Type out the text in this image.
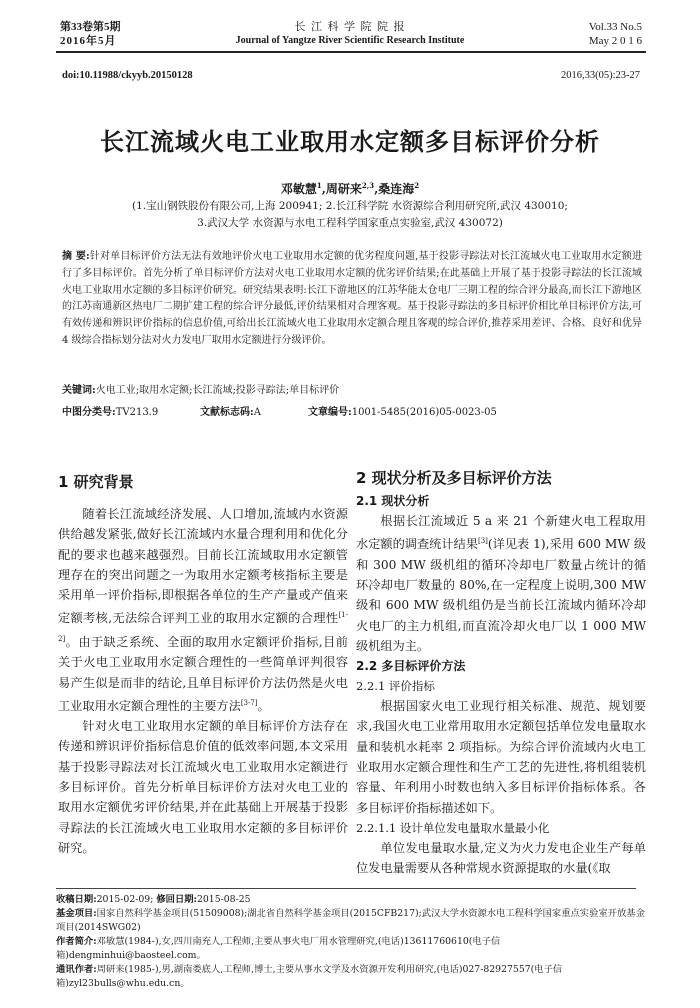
第33卷第5期
2016年5月
长 江 科 学 院 院 报
Journal of Yangtze River Scientific Research Institute
Vol.33 No.5
May 2 0 1 6
doi:10.11988/ckyyb.20150128	2016,33(05):23-27
长江流域火电工业取用水定额多目标评价分析
邓敏慧$^1$,周研来$^{2,3}$,桑连海$^2$
(1.宝山钢铁股份有限公司,上海 200941; 2.长江科学院 水资源综合利用研究所,武汉 430010;
3.武汉大学 水资源与水电工程科学国家重点实验室,武汉 430072)
摘 要:针对单目标评价方法无法有效地评价火电工业取用水定额的优劣程度问题,基于投影寻踪法对长江流域火电工业取用水定额进行了多目标评价。首先分析了单目标评价方法对火电工业取用水定额的优劣评价结果;在此基础上开展了基于投影寻踪法的长江流域火电工业取用水定额的多目标评价研究。研究结果表明:长江下游地区的江苏华能太仓电厂三期工程的综合评分最高,而长江下游地区的江苏南通新区热电厂二期扩建工程的综合评分最低,评价结果相对合理客观。基于投影寻踪法的多目标评价相比单目标评价方法,可有效传递和辨识评价指标的信息价值,可给出长江流域火电工业取用水定额合理且客观的综合评价,推荐采用差评、合格、良好和优异 4 级综合指标划分法对火力发电厂取用水定额进行分级评价。
关键词:火电工业;取用水定额;长江流域;投影寻踪法;单目标评价
中图分类号:TV213.9	文献标志码:A	文章编号:1001-5485(2016)05-0023-05
1 研究背景

随着长江流域经济发展、人口增加,流域内水资源供给越发紧张,做好长江流域内水量合理利用和优化分配的要求也越来越强烈。目前长江流域取用水定额管理存在的突出问题之一为取用水定额考核指标主要是采用单一评价指标,即根据各单位的生产产量或产值来定额考核,无法综合评判工业的取用水定额的合理性[1-2]。由于缺乏系统、全面的取用水定额评价指标,目前关于火电工业取用水定额合理性的一些简单评判很容易产生似是而非的结论,且单目标评价方法仍然是火电工业取用水定额合理性的主要方法[3-7]。

针对火电工业取用水定额的单目标评价方法存在传递和辨识评价指标信息价值的低效率问题,本文采用基于投影寻踪法对长江流域火电工业取用水定额进行多目标评价。首先分析单目标评价方法对火电工业的取用水定额优劣评价结果,并在此基础上开展基于投影寻踪法的长江流域火电工业取用水定额的多目标评价研究。

2 现状分析及多目标评价方法
2.1 现状分析

根据长江流域近 5 a 来 21 个新建火电工程取用水定额的调查统计结果[3](详见表 1),采用 600 MW 级和 300 MW 级机组的循环冷却电厂数量占统计的循环冷却电厂数量的 80%,在一定程度上说明,300 MW 级和 600 MW 级机组仍是当前长江流域内循环冷却火电厂的主力机组,而直流冷却火电厂以 1 000 MW 级机组为主。

2.2 多目标评价方法
2.2.1 评价指标

根据国家火电工业现行相关标准、规范、规划要求,我国火电工业常用取用水定额包括单位发电量取水量和装机水耗率 2 项指标。为综合评价流域内火电工业取用水定额合理性和生产工艺的先进性,将机组装机容量、年利用小时数也纳入多目标评价指标体系。各多目标评价指标描述如下。

2.2.1.1 设计单位发电量取水量最小化

单位发电量取水量,定义为火力发电企业生产每单位发电量需要从各种常规水资源提取的水量(《取

收稿日期:2015-02-09; 修回日期:2015-08-25
基金项目:国家自然科学基金项目(51509008);湖北省自然科学基金项目(2015CFB217);武汉大学水资源水电工程科学国家重点实验室开放基金项目(2014SWG02)
作者简介:邓敏慧(1984-),女,四川南充人,工程师,主要从事火电厂用水管理研究,(电话)13611760610(电子信箱)dengminhui@baosteel.com。
通讯作者:周研来(1985-),男,湖南娄底人,工程师,博士,主要从事水文学及水资源开发利用研究,(电话)027-82927557(电子信箱)zyl23bulls@whu.edu.cn。
